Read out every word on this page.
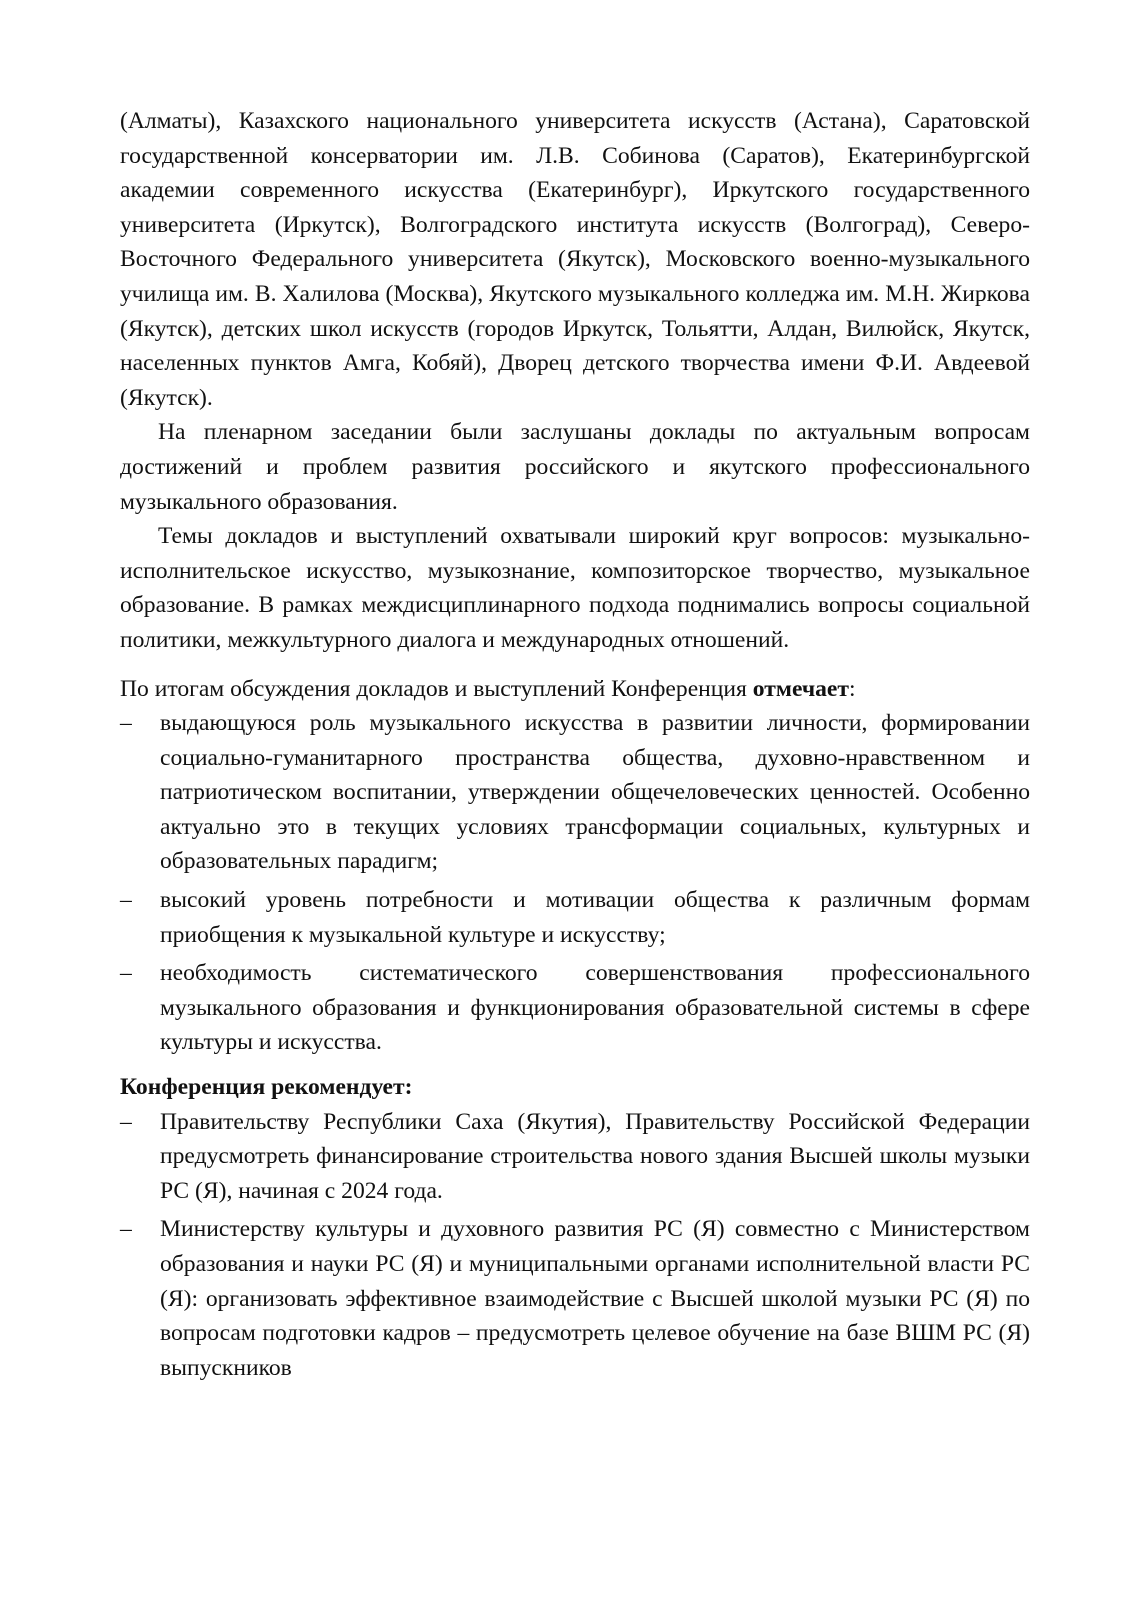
(Алматы), Казахского национального университета искусств (Астана), Саратовской государственной консерватории им. Л.В. Собинова (Саратов), Екатеринбургской академии современного искусства (Екатеринбург), Иркутского государственного университета (Иркутск), Волгоградского института искусств (Волгоград), Северо-Восточного Федерального университета (Якутск), Московского военно-музыкального училища им. В. Халилова (Москва), Якутского музыкального колледжа им. М.Н. Жиркова (Якутск), детских школ искусств (городов Иркутск, Тольятти, Алдан, Вилюйск, Якутск, населенных пунктов Амга, Кобяй), Дворец детского творчества имени Ф.И. Авдеевой (Якутск).

На пленарном заседании были заслушаны доклады по актуальным вопросам достижений и проблем развития российского и якутского профессионального музыкального образования.

Темы докладов и выступлений охватывали широкий круг вопросов: музыкально-исполнительское искусство, музыкознание, композиторское творчество, музыкальное образование. В рамках междисциплинарного подхода поднимались вопросы социальной политики, межкультурного диалога и международных отношений.

По итогам обсуждения докладов и выступлений Конференция отмечает:

– выдающуюся роль музыкального искусства в развитии личности, формировании социально-гуманитарного пространства общества, духовно-нравственном и патриотическом воспитании, утверждении общечеловеческих ценностей. Особенно актуально это в текущих условиях трансформации социальных, культурных и образовательных парадигм;
– высокий уровень потребности и мотивации общества к различным формам приобщения к музыкальной культуре и искусству;
– необходимость систематического совершенствования профессионального музыкального образования и функционирования образовательной системы в сфере культуры и искусства.

Конференция рекомендует:

– Правительству Республики Саха (Якутия), Правительству Российской Федерации предусмотреть финансирование строительства нового здания Высшей школы музыки РС (Я), начиная с 2024 года.
– Министерству культуры и духовного развития РС (Я) совместно с Министерством образования и науки РС (Я) и муниципальными органами исполнительной власти РС (Я): организовать эффективное взаимодействие с Высшей школой музыки РС (Я) по вопросам подготовки кадров – предусмотреть целевое обучение на базе ВШМ РС (Я) выпускников
